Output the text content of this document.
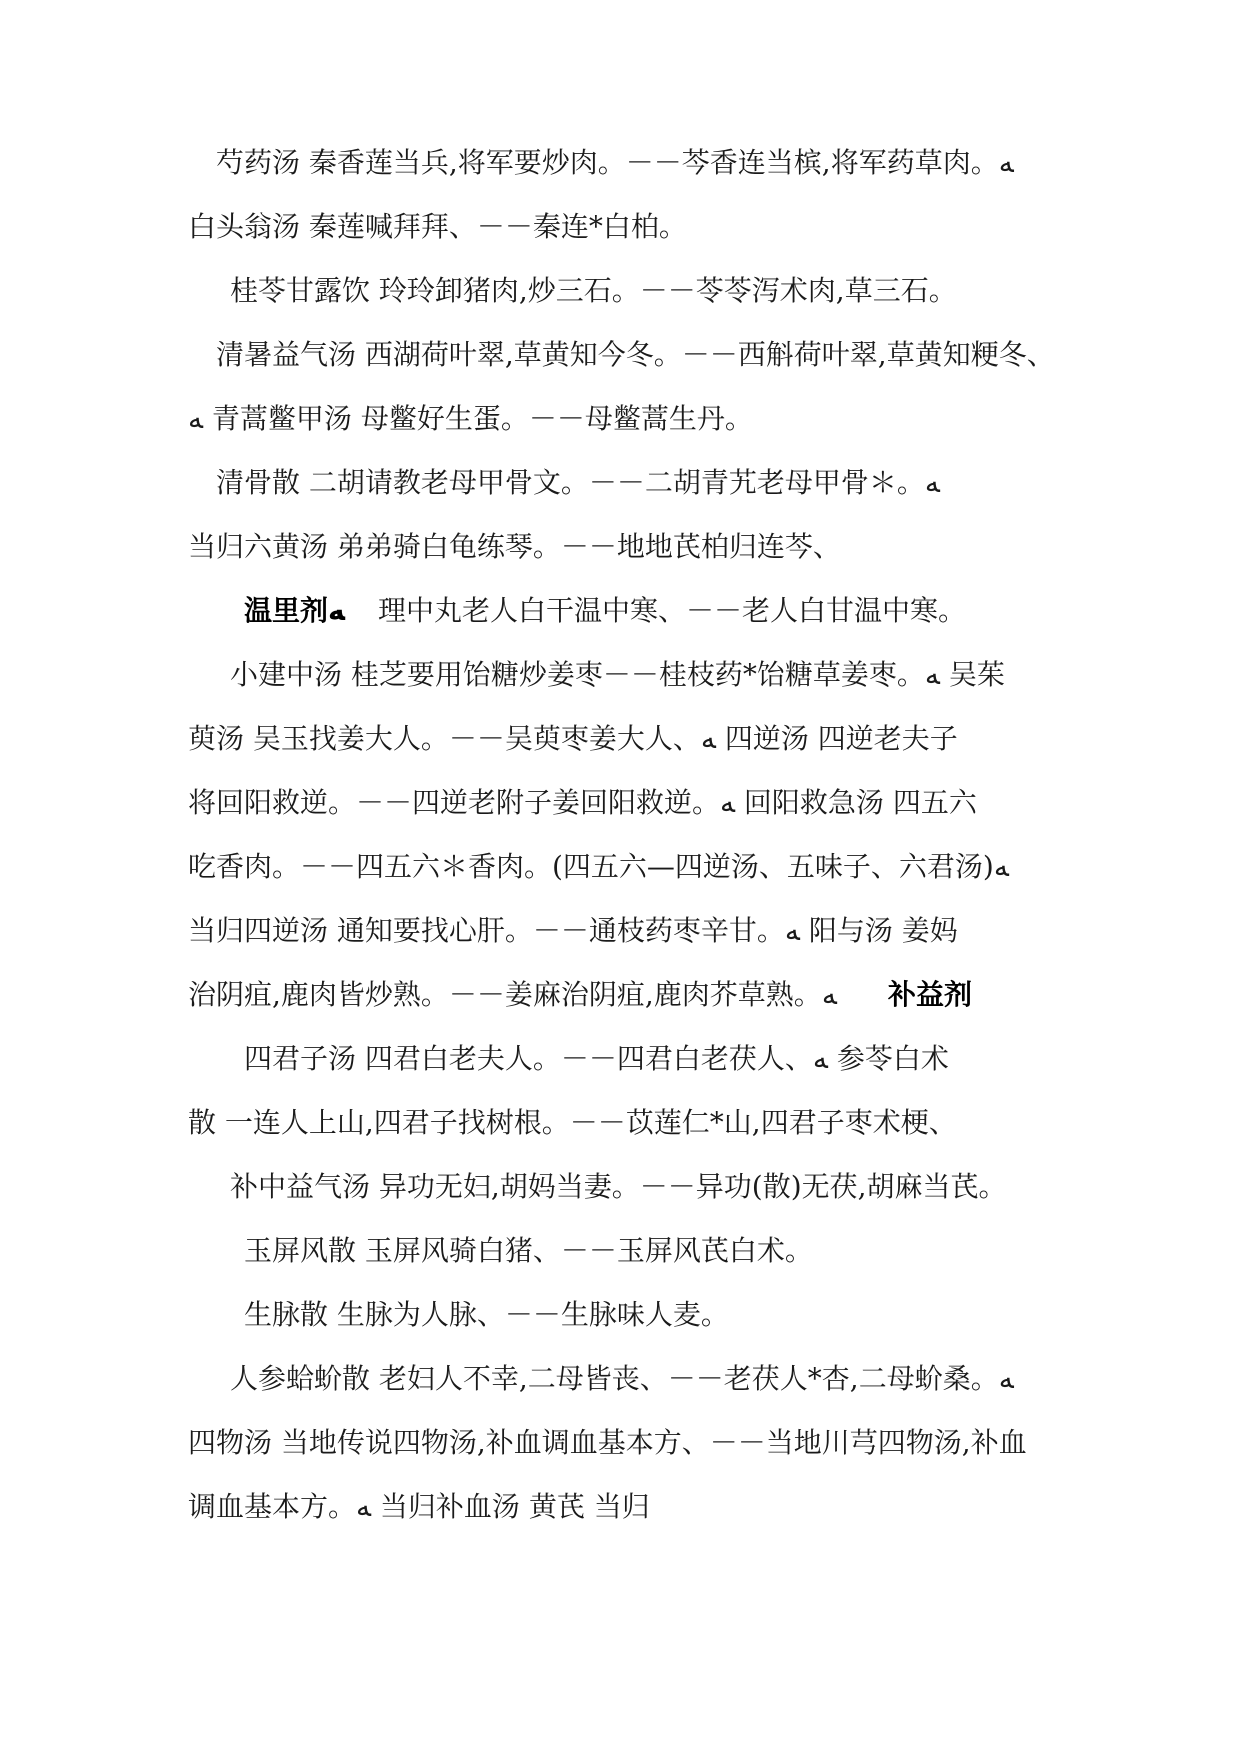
芍药汤 秦香莲当兵,将军要炒肉。－－芩香连当槟,将军药草肉。ﻪ
白头翁汤 秦莲喊拜拜、－－秦连*白柏。
桂苓甘露饮 玲玲卸猪肉,炒三石。－－苓苓泻术肉,草三石。
清暑益气汤 西湖荷叶翠,草黄知今冬。－－西斛荷叶翠,草黄知粳冬、
ﻪ 青蒿鳖甲汤 母鳖好生蛋。－－母鳖蒿生丹。
清骨散 二胡请教老母甲骨文。－－二胡青艽老母甲骨＊。ﻪ
当归六黄汤 弟弟骑白龟练琴。－－地地芪柏归连芩、
温里剂ﻪ 理中丸老人白干温中寒、－－老人白甘温中寒。
小建中汤 桂芝要用饴糖炒姜枣－－桂枝药*饴糖草姜枣。ﻪ 吴茱
萸汤 吴玉找姜大人。－－吴萸枣姜大人、ﻪ 四逆汤 四逆老夫子
将回阳救逆。－－四逆老附子姜回阳救逆。ﻪ 回阳救急汤 四五六
吃香肉。－－四五六＊香肉。(四五六—四逆汤、五味子、六君汤)ﻪ
当归四逆汤 通知要找心肝。－－通枝药枣辛甘。ﻪ 阳与汤 姜妈
治阴疽,鹿肉皆炒熟。－－姜麻治阴疽,鹿肉芥草熟。ﻪ 补益剂
四君子汤 四君白老夫人。－－四君白老茯人、ﻪ 参苓白术
散 一连人上山,四君子找树根。－－苡莲仁*山,四君子枣术梗、
补中益气汤 异功无妇,胡妈当妻。－－异功(散)无茯,胡麻当芪。
玉屏风散 玉屏风骑白猪、－－玉屏风芪白术。
生脉散 生脉为人脉、－－生脉味人麦。
人参蛤蚧散 老妇人不幸,二母皆丧、－－老茯人*杏,二母蚧桑。ﻪ
四物汤 当地传说四物汤,补血调血基本方、－－当地川芎四物汤,补血
调血基本方。ﻪ 当归补血汤 黄芪 当归
